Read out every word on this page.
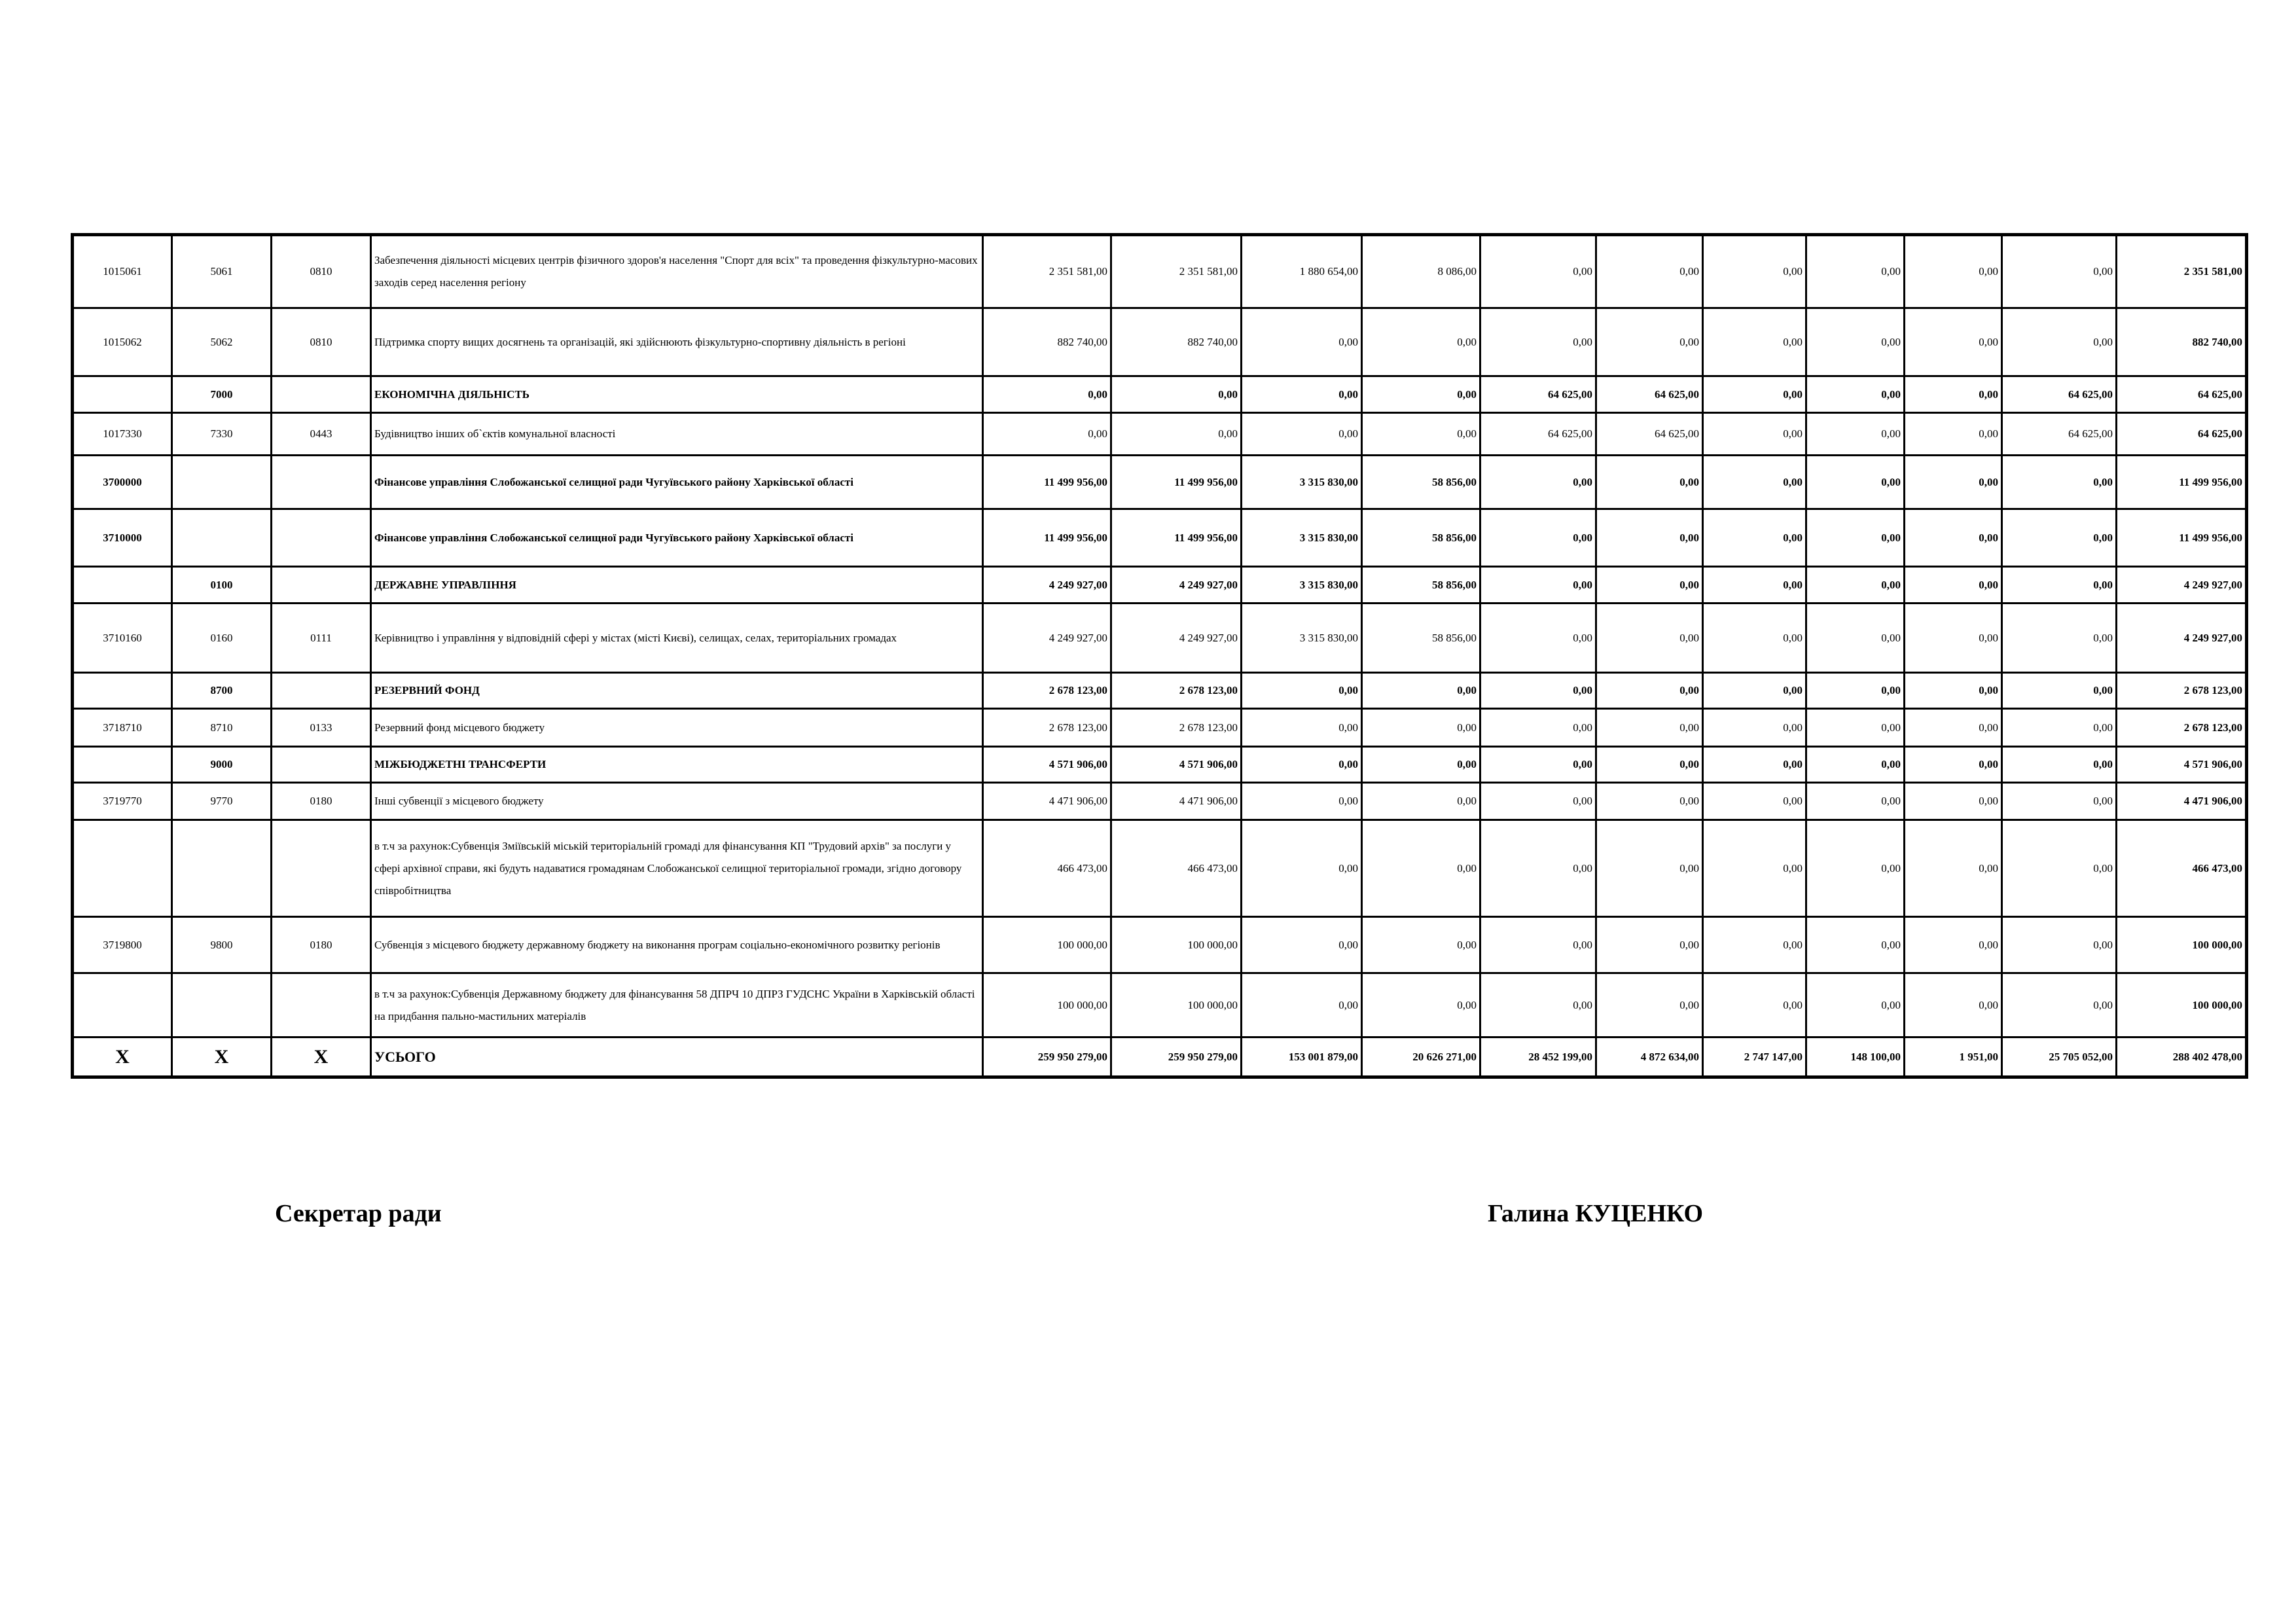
1015061	5061	0810	Забезпечення діяльності місцевих центрів фізичного здоров'я населення "Спорт для всіх" та проведення фізкультурно-масових заходів серед населення регіону	2 351 581,00	2 351 581,00	1 880 654,00	8 086,00	0,00	0,00	0,00	0,00	0,00	0,00	2 351 581,00
1015062	5062	0810	Підтримка спорту вищих досягнень та організацій, які здійснюють фізкультурно-спортивну діяльність в регіоні	882 740,00	882 740,00	0,00	0,00	0,00	0,00	0,00	0,00	0,00	0,00	882 740,00
	7000		ЕКОНОМІЧНА ДІЯЛЬНІСТЬ	0,00	0,00	0,00	0,00	64 625,00	64 625,00	0,00	0,00	0,00	64 625,00	64 625,00
1017330	7330	0443	Будівництво інших об`єктів комунальної власності	0,00	0,00	0,00	0,00	64 625,00	64 625,00	0,00	0,00	0,00	64 625,00	64 625,00
3700000			Фінансове управління Слобожанської селищної ради Чугуївського району Харківської області	11 499 956,00	11 499 956,00	3 315 830,00	58 856,00	0,00	0,00	0,00	0,00	0,00	0,00	11 499 956,00
3710000			Фінансове управління Слобожанської селищної ради Чугуївського району Харківської області	11 499 956,00	11 499 956,00	3 315 830,00	58 856,00	0,00	0,00	0,00	0,00	0,00	0,00	11 499 956,00
	0100		ДЕРЖАВНЕ УПРАВЛІННЯ	4 249 927,00	4 249 927,00	3 315 830,00	58 856,00	0,00	0,00	0,00	0,00	0,00	0,00	4 249 927,00
3710160	0160	0111	Керівництво і управління у відповідній сфері у містах (місті Києві), селищах, селах, територіальних громадах	4 249 927,00	4 249 927,00	3 315 830,00	58 856,00	0,00	0,00	0,00	0,00	0,00	0,00	4 249 927,00
	8700		РЕЗЕРВНИЙ ФОНД	2 678 123,00	2 678 123,00	0,00	0,00	0,00	0,00	0,00	0,00	0,00	0,00	2 678 123,00
3718710	8710	0133	Резервний фонд місцевого бюджету	2 678 123,00	2 678 123,00	0,00	0,00	0,00	0,00	0,00	0,00	0,00	0,00	2 678 123,00
	9000		МІЖБЮДЖЕТНІ ТРАНСФЕРТИ	4 571 906,00	4 571 906,00	0,00	0,00	0,00	0,00	0,00	0,00	0,00	0,00	4 571 906,00
3719770	9770	0180	Інші субвенції з місцевого бюджету	4 471 906,00	4 471 906,00	0,00	0,00	0,00	0,00	0,00	0,00	0,00	0,00	4 471 906,00
			в т.ч за рахунок:Субвенція Зміївській міській територіальній громаді для фінансування КП "Трудовий архів" за послуги у сфері архівної справи, які будуть надаватися громадянам Слобожанської селищної територіальної громади, згідно договору співробітництва	466 473,00	466 473,00	0,00	0,00	0,00	0,00	0,00	0,00	0,00	0,00	466 473,00
3719800	9800	0180	Субвенція з місцевого бюджету державному бюджету на виконання програм соціально-економічного розвитку регіонів	100 000,00	100 000,00	0,00	0,00	0,00	0,00	0,00	0,00	0,00	0,00	100 000,00
			в т.ч за рахунок:Субвенція Державному бюджету для фінансування 58 ДПРЧ 10 ДПРЗ ГУДСНС України в Харківській області на придбання пально-мастильних матеріалів	100 000,00	100 000,00	0,00	0,00	0,00	0,00	0,00	0,00	0,00	0,00	100 000,00
Х	Х	Х	УСЬОГО	259 950 279,00	259 950 279,00	153 001 879,00	20 626 271,00	28 452 199,00	4 872 634,00	2 747 147,00	148 100,00	1 951,00	25 705 052,00	288 402 478,00
Секретар ради	Галина КУЦЕНКО
